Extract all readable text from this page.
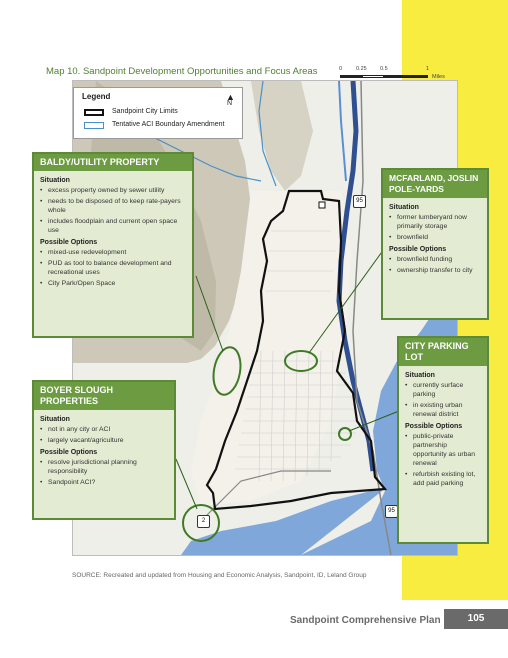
Map 10. Sandpoint Development Opportunities and Focus Areas	0	0.25 0.5	1
Miles
95
95
2
Legend
Sandpoint City Limits
Tentative ACI Boundary Amendment
▲
N
BALDY/UTILITY PROPERTY
Situation
• excess property owned by sewer utility
• needs to be disposed of to keep rate-payers whole
• includes floodplain and current open space use
Possible Options
• mixed-use redevelopment
• PUD as tool to balance development and recreational uses
• City Park/Open Space
MCFARLAND, JOSLIN POLE-YARDS
Situation
• former lumberyard now primarily storage
• brownfield
Possible Options
• brownfield funding
• ownership transfer to city
CITY PARKING LOT
Situation
• currently surface parking
• in existing urban renewal district
Possible Options
• public-private partnership opportunity as urban renewal
• refurbish existing lot, add paid parking
BOYER SLOUGH PROPERTIES
Situation
• not in any city or ACI
• largely vacant/agriculture
Possible Options
• resolve jurisdictional planning responsibility
• Sandpoint ACI?
SOURCE: Recreated and updated from Housing and Economic Analysis, Sandpoint, ID, Leland Group
Sandpoint Comprehensive Plan	105
